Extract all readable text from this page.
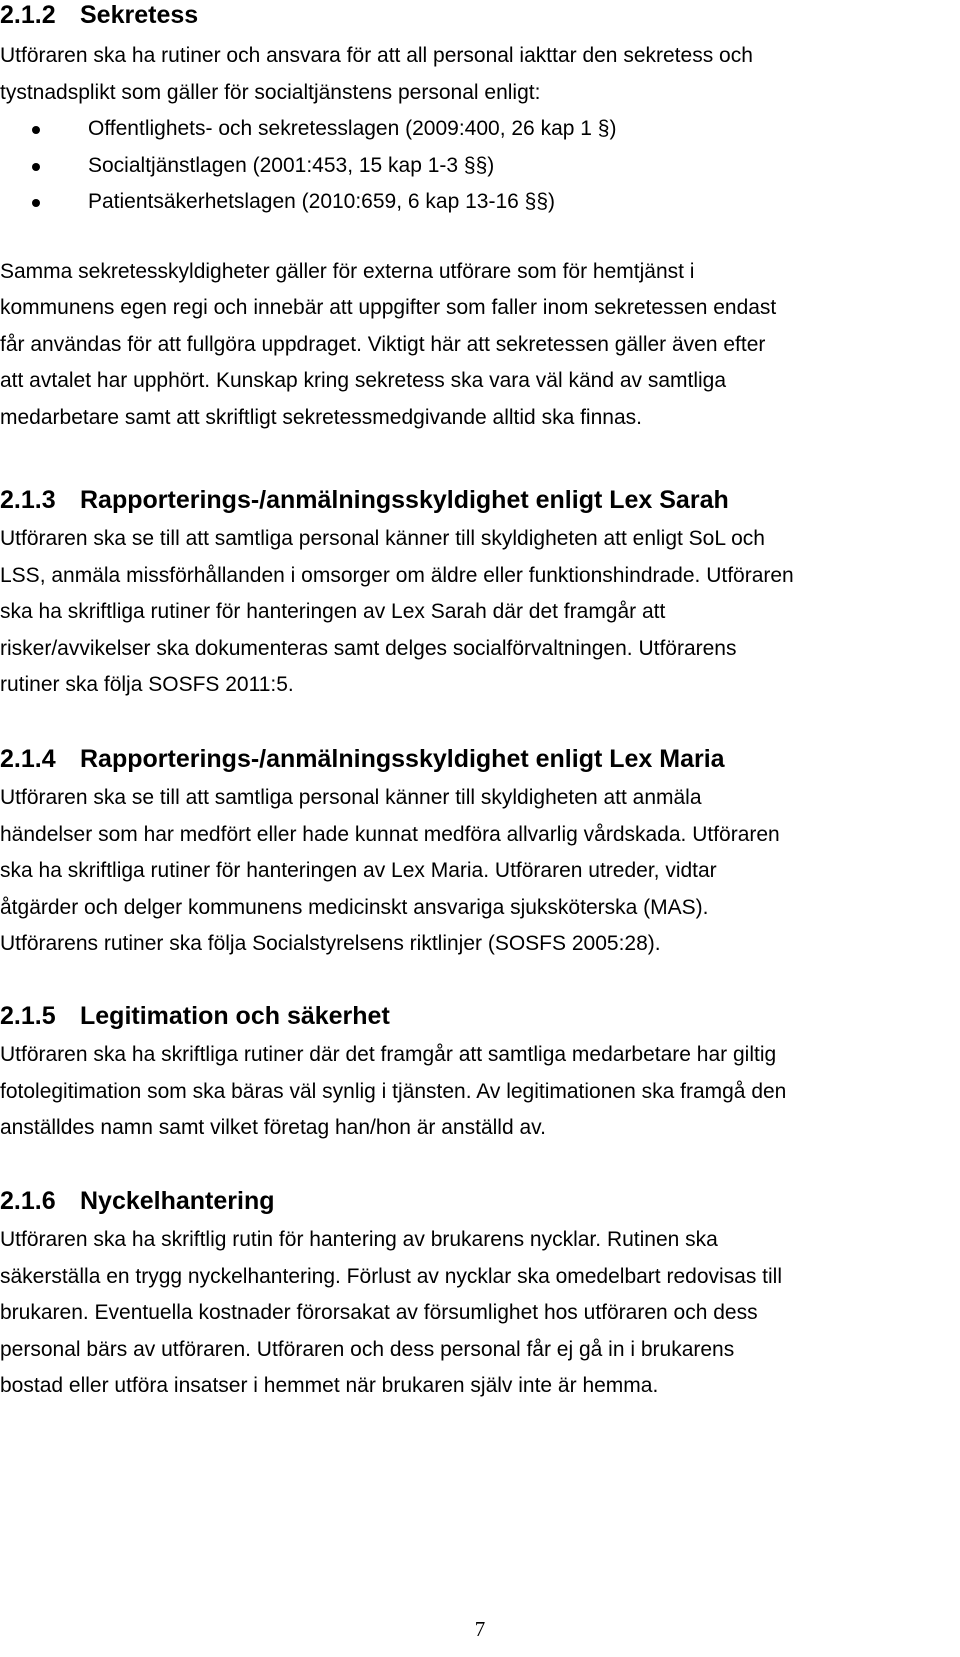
2.1.2 Sekretess

Utföraren ska ha rutiner och ansvara för att all personal iakttar den sekretess och
tystnadsplikt som gäller för socialtjänstens personal enligt:

Offentlighets- och sekretesslagen (2009:400, 26 kap 1 §)
Socialtjänstlagen (2001:453, 15 kap 1-3 §§)
Patientsäkerhetslagen (2010:659, 6 kap 13-16 §§)

Samma sekretesskyldigheter gäller för externa utförare som för hemtjänst i
kommunens egen regi och innebär att uppgifter som faller inom sekretessen endast
får användas för att fullgöra uppdraget. Viktigt här att sekretessen gäller även efter
att avtalet har upphört. Kunskap kring sekretess ska vara väl känd av samtliga
medarbetare samt att skriftligt sekretessmedgivande alltid ska finnas.

2.1.3 Rapporterings-/anmälningsskyldighet enligt Lex Sarah

Utföraren ska se till att samtliga personal känner till skyldigheten att enligt SoL och
LSS, anmäla missförhållanden i omsorger om äldre eller funktionshindrade. Utföraren
ska ha skriftliga rutiner för hanteringen av Lex Sarah där det framgår att
risker/avvikelser ska dokumenteras samt delges socialförvaltningen. Utförarens
rutiner ska följa SOSFS 2011:5.

2.1.4 Rapporterings-/anmälningsskyldighet enligt Lex Maria

Utföraren ska se till att samtliga personal känner till skyldigheten att anmäla
händelser som har medfört eller hade kunnat medföra allvarlig vårdskada. Utföraren
ska ha skriftliga rutiner för hanteringen av Lex Maria. Utföraren utreder, vidtar
åtgärder och delger kommunens medicinskt ansvariga sjuksköterska (MAS).
Utförarens rutiner ska följa Socialstyrelsens riktlinjer (SOSFS 2005:28).

2.1.5 Legitimation och säkerhet

Utföraren ska ha skriftliga rutiner där det framgår att samtliga medarbetare har giltig
fotolegitimation som ska bäras väl synlig i tjänsten. Av legitimationen ska framgå den
anställdes namn samt vilket företag han/hon är anställd av.

2.1.6 Nyckelhantering

Utföraren ska ha skriftlig rutin för hantering av brukarens nycklar. Rutinen ska
säkerställa en trygg nyckelhantering. Förlust av nycklar ska omedelbart redovisas till
brukaren. Eventuella kostnader förorsakat av försumlighet hos utföraren och dess
personal bärs av utföraren. Utföraren och dess personal får ej gå in i brukarens
bostad eller utföra insatser i hemmet när brukaren själv inte är hemma.

7
